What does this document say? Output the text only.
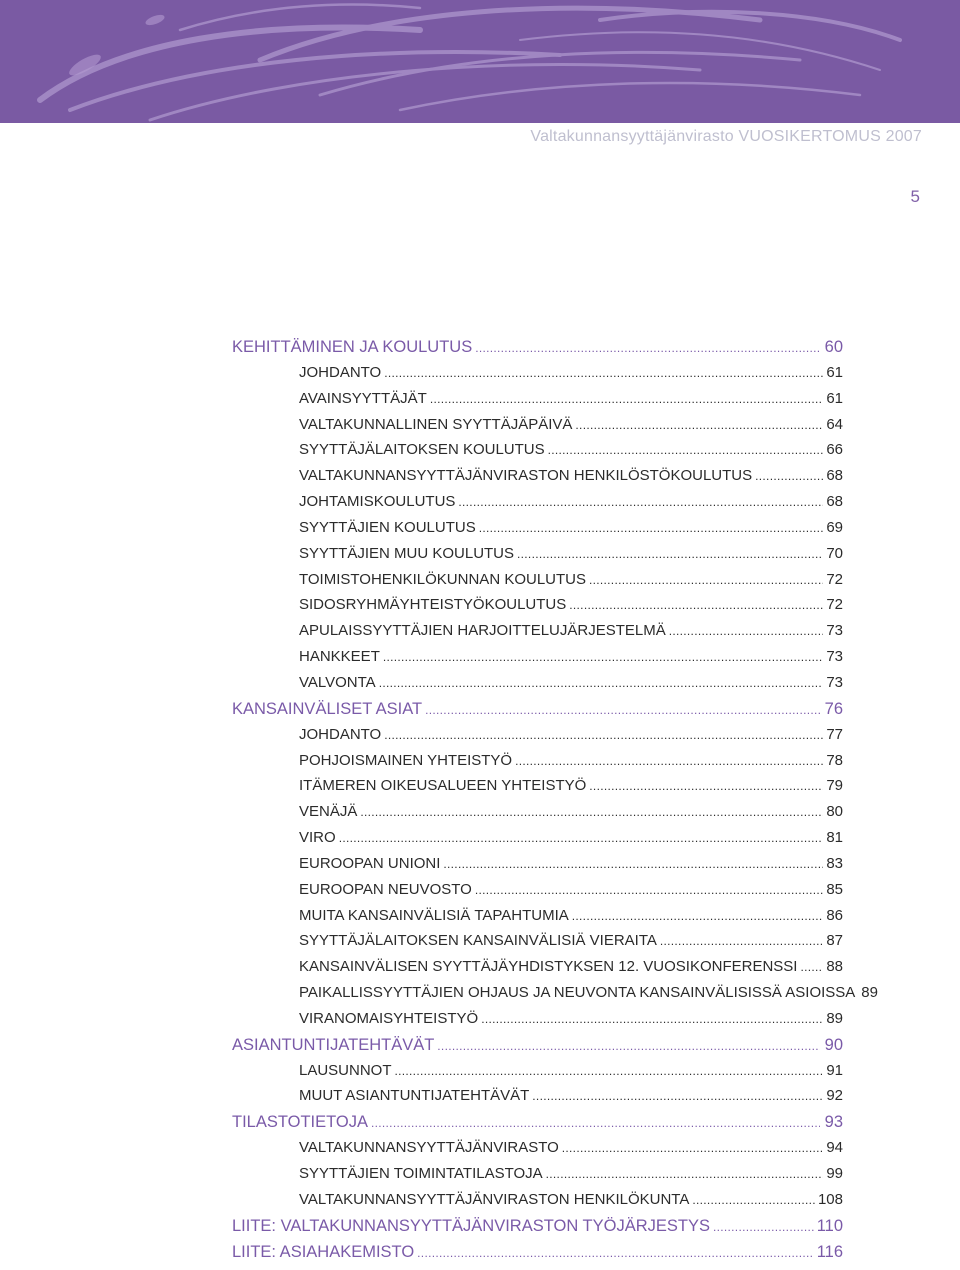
Valtakunnansyyttäjänvirasto VUOSIKERTOMUS 2007
5
KEHITTÄMINEN JA KOULUTUS .....	60
JOHDANTO .....	61
AVAINSYYTTÄJÄT .....	61
VALTAKUNNALLINEN SYYTTÄJÄPÄIVÄ .....	64
SYYTTÄJÄLAITOKSEN KOULUTUS .....	66
VALTAKUNNANSYYTTÄJÄNVIRASTON HENKILÖSTÖKOULUTUS .....	68
JOHTAMISKOULUTUS .....	68
SYYTTÄJIEN KOULUTUS .....	69
SYYTTÄJIEN MUU KOULUTUS .....	70
TOIMISTOHENKILÖKUNNAN KOULUTUS .....	72
SIDOSRYHMÄYHTEISTYÖKOULUTUS .....	72
APULAISSYYTTÄJIEN HARJOITTELUJÄRJESTELMÄ .....	73
HANKKEET .....	73
VALVONTA .....	73
KANSAINVÄLISET ASIAT .....	76
JOHDANTO .....	77
POHJOISMAINEN YHTEISTYÖ .....	78
ITÄMEREN OIKEUSALUEEN YHTEISTYÖ .....	79
VENÄJÄ .....	80
VIRO .....	81
EUROOPAN UNIONI .....	83
EUROOPAN NEUVOSTO .....	85
MUITA KANSAINVÄLISIÄ TAPAHTUMIA .....	86
SYYTTÄJÄLAITOKSEN KANSAINVÄLISIÄ VIERAITA .....	87
KANSAINVÄLISEN SYYTTÄJÄYHDISTYKSEN 12. VUOSIKONFERENSSI ..... 88
PAIKALLISSYYTTÄJIEN OHJAUS JA NEUVONTA KANSAINVÄLISISSÄ ASIOISSA 89
VIRANOMAISYHTEISTYÖ .....	89
ASIANTUNTIJATEHTÄVÄT .....	90
LAUSUNNOT .....	91
MUUT ASIANTUNTIJATEHTÄVÄT .....	92
TILASTOTIETOJA .....	93
VALTAKUNNANSYYTTÄJÄNVIRASTO .....	94
SYYTTÄJIEN TOIMINTATILASTOJA .....	99
VALTAKUNNANSYYTTÄJÄNVIRASTON HENKILÖKUNTA .....	108
LIITE: VALTAKUNNANSYYTTÄJÄNVIRASTON TYÖJÄRJESTYS .....	110
LIITE: ASIAHAKEMISTO .....	116
